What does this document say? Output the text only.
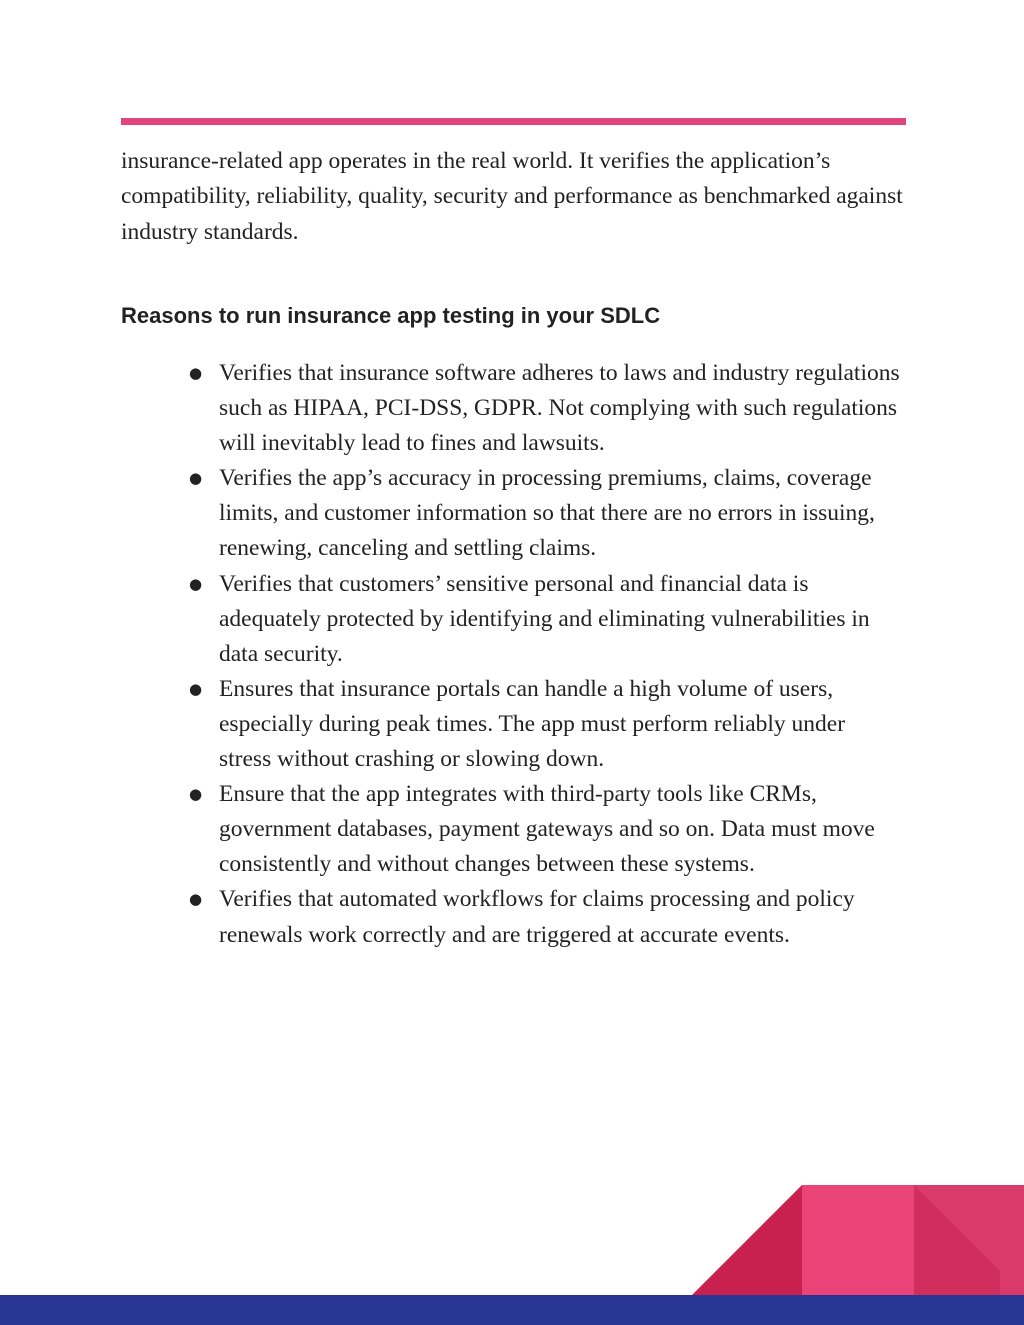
insurance-related app operates in the real world. It verifies the application’s compatibility, reliability, quality, security and performance as benchmarked against industry standards.

Reasons to run insurance app testing in your SDLC
● Verifies that insurance software adheres to laws and industry regulations such as HIPAA, PCI-DSS, GDPR. Not complying with such regulations will inevitably lead to fines and lawsuits.
● Verifies the app’s accuracy in processing premiums, claims, coverage limits, and customer information so that there are no errors in issuing, renewing, canceling and settling claims.
● Verifies that customers’ sensitive personal and financial data is adequately protected by identifying and eliminating vulnerabilities in data security.
● Ensures that insurance portals can handle a high volume of users, especially during peak times. The app must perform reliably under stress without crashing or slowing down.
● Ensure that the app integrates with third-party tools like CRMs, government databases, payment gateways and so on. Data must move consistently and without changes between these systems.
● Verifies that automated workflows for claims processing and policy renewals work correctly and are triggered at accurate events.
